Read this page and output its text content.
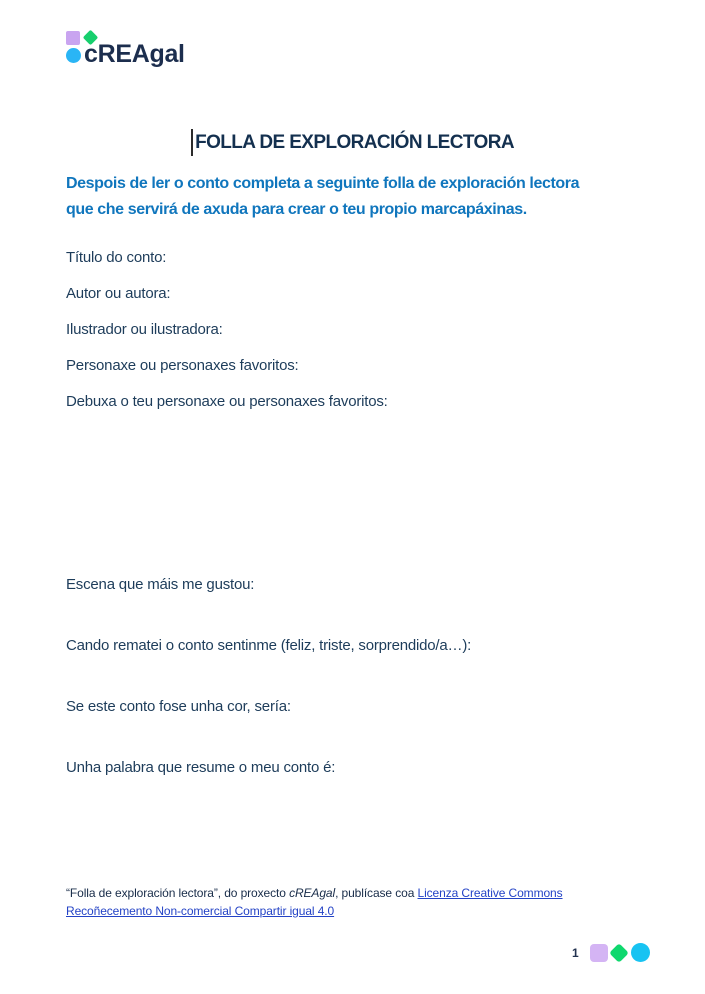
cREAgal
FOLLA DE EXPLORACIÓN LECTORA
Despois de ler o conto completa a seguinte folla de exploración lectora
que che servirá de axuda para crear o teu propio marcapáxinas.
Título do conto:
Autor ou autora:
Ilustrador ou ilustradora:
Personaxe ou personaxes favoritos:
Debuxa o teu personaxe ou personaxes favoritos:
Escena que máis me gustou:
Cando rematei o conto sentinme (feliz, triste, sorprendido/a…):
Se este conto fose unha cor, sería:
Unha palabra que resume o meu conto é:

“Folla de exploración lectora”, do proxecto cREAgal, publícase coa Licenza Creative Commons Recoñecemento Non-comercial Compartir igual 4.0

1
